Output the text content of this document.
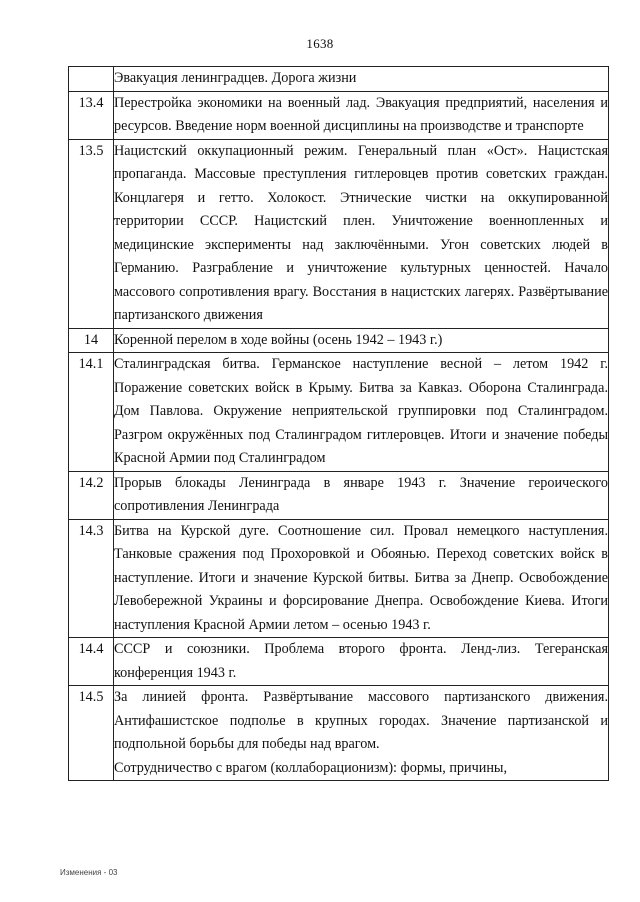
1638

	Эвакуация ленинградцев. Дорога жизни

13.4	Перестройка экономики на военный лад. Эвакуация предприятий, населения и ресурсов. Введение норм военной дисциплины на производстве и транспорте

13.5	Нацистский оккупационный режим. Генеральный план «Ост». Нацистская пропаганда. Массовые преступления гитлеровцев против советских граждан. Концлагеря и гетто. Холокост. Этнические чистки на оккупированной территории СССР. Нацистский плен. Уничтожение военнопленных и медицинские эксперименты над заключёнными. Угон советских людей в Германию. Разграбление и уничтожение культурных ценностей. Начало массового сопротивления врагу. Восстания в нацистских лагерях. Развёртывание партизанского движения

14	Коренной перелом в ходе войны (осень 1942 – 1943 г.)

14.1	Сталинградская битва. Германское наступление весной – летом 1942 г. Поражение советских войск в Крыму. Битва за Кавказ. Оборона Сталинграда. Дом Павлова. Окружение неприятельской группировки под Сталинградом. Разгром окружённых под Сталинградом гитлеровцев. Итоги и значение победы Красной Армии под Сталинградом

14.2	Прорыв блокады Ленинграда в январе 1943 г. Значение героического сопротивления Ленинграда

14.3	Битва на Курской дуге. Соотношение сил. Провал немецкого наступления. Танковые сражения под Прохоровкой и Обоянью. Переход советских войск в наступление. Итоги и значение Курской битвы. Битва за Днепр. Освобождение Левобережной Украины и форсирование Днепра. Освобождение Киева. Итоги наступления Красной Армии летом – осенью 1943 г.

14.4	СССР и союзники. Проблема второго фронта. Ленд-лиз. Тегеранская конференция 1943 г.

14.5	За линией фронта. Развёртывание массового партизанского движения. Антифашистское подполье в крупных городах. Значение партизанской и подпольной борьбы для победы над врагом.

Сотрудничество с врагом (коллаборационизм): формы, причины,

Изменения - 03
